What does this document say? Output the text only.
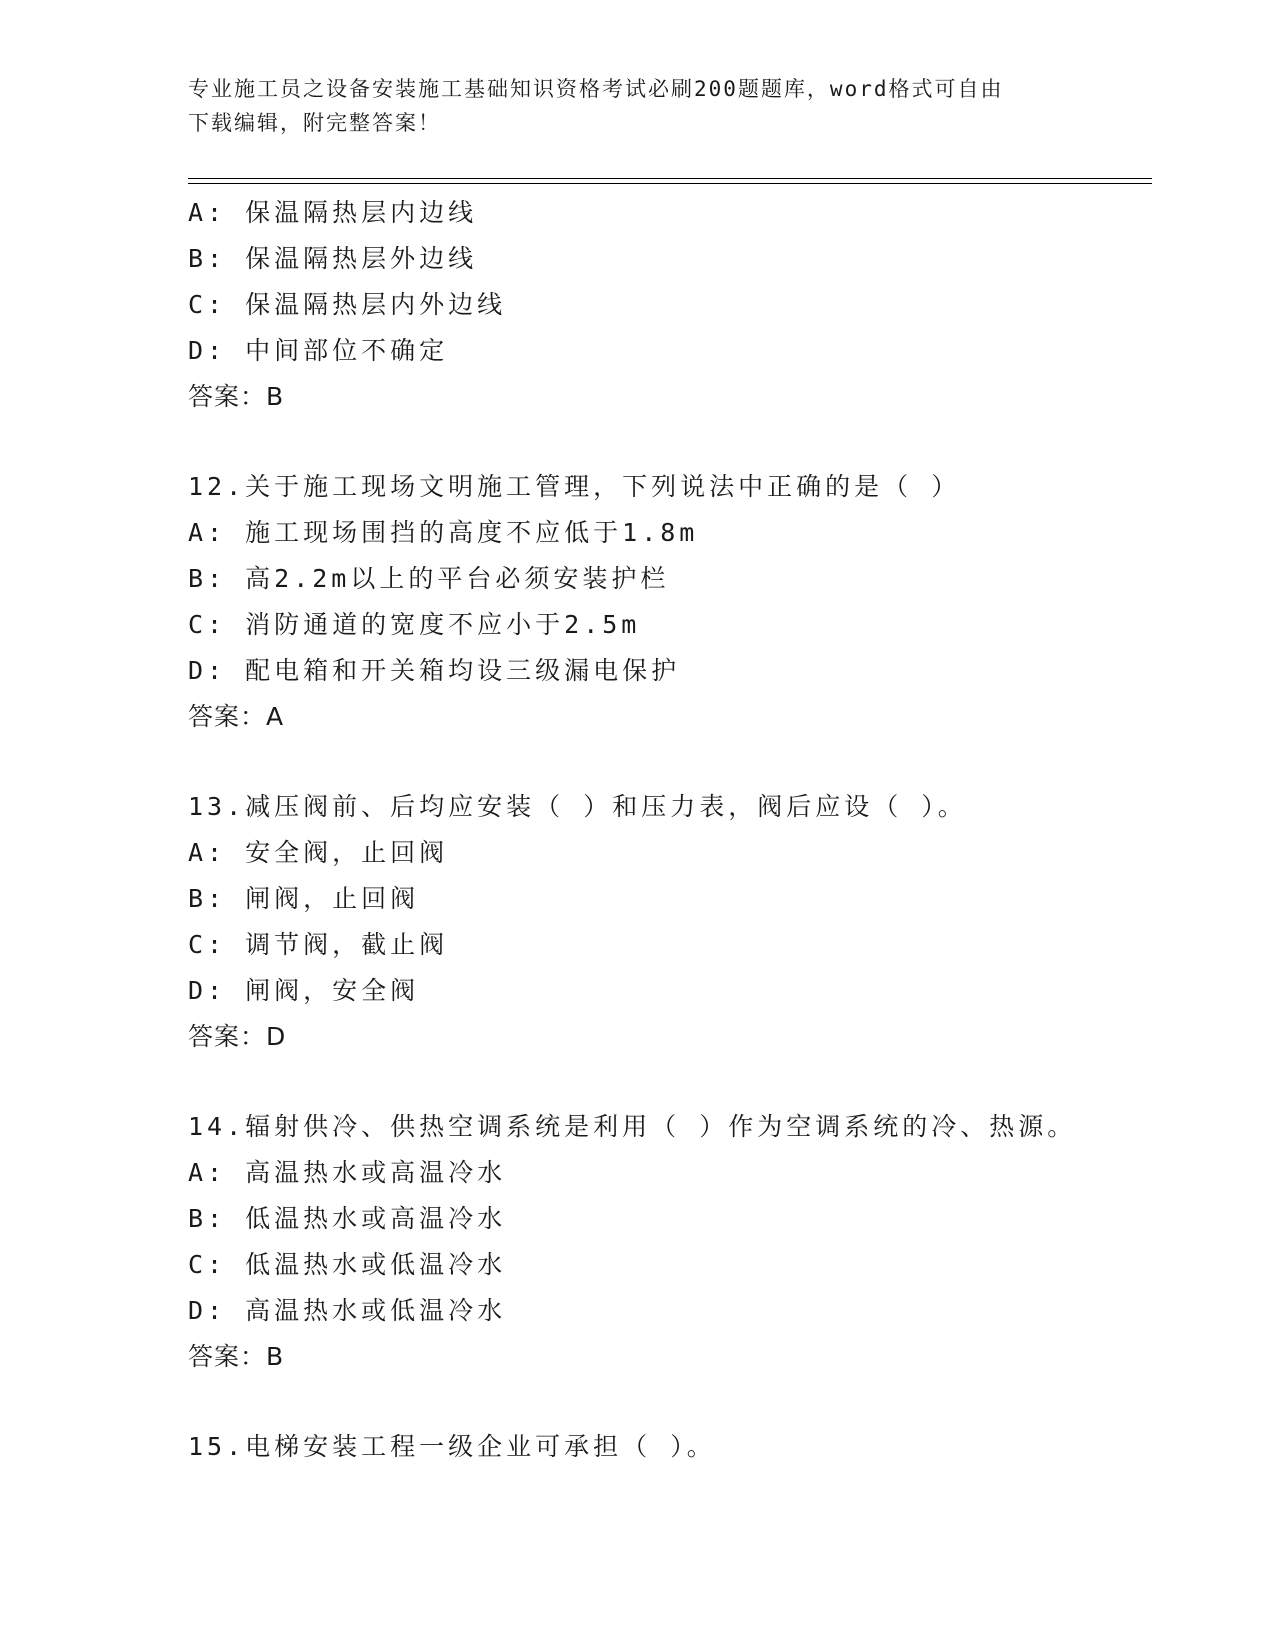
专业施工员之设备安装施工基础知识资格考试必刷200题题库，word格式可自由
下载编辑，附完整答案！
A: 保温隔热层内边线
B: 保温隔热层外边线
C: 保温隔热层内外边线
D: 中间部位不确定
答案：B
12.关于施工现场文明施工管理，下列说法中正确的是（ ）
A: 施工现场围挡的高度不应低于1.8m
B: 高2.2m以上的平台必须安装护栏
C: 消防通道的宽度不应小于2.5m
D: 配电箱和开关箱均设三级漏电保护
答案：A
13.减压阀前、后均应安装（ ）和压力表，阀后应设（ ）。
A: 安全阀，止回阀
B: 闸阀，止回阀
C: 调节阀，截止阀
D: 闸阀，安全阀
答案：D
14.辐射供冷、供热空调系统是利用（ ）作为空调系统的冷、热源。
A: 高温热水或高温冷水
B: 低温热水或高温冷水
C: 低温热水或低温冷水
D: 高温热水或低温冷水
答案：B
15.电梯安装工程一级企业可承担（ ）。
